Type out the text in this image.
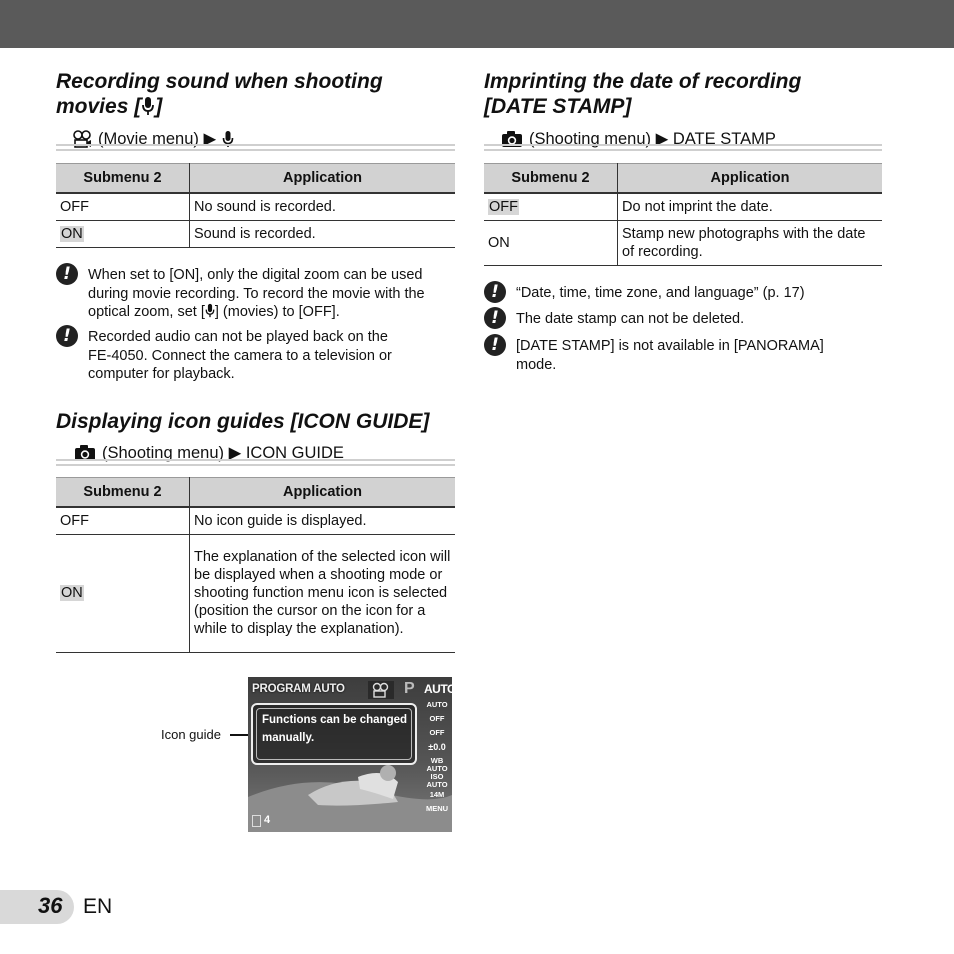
Recording sound when shooting
movies [ ]
(Movie menu) ▶
Submenu 2	Application
OFF	No sound is recorded.
ON	Sound is recorded.
!	When set to [ON], only the digital zoom can be used
during movie recording. To record the movie with the
optical zoom, set [ ] (movies) to [OFF].
!	Recorded audio can not be played back on the
FE-4050. Connect the camera to a television or
computer for playback.
Displaying icon guides [ICON GUIDE]
(Shooting menu) ▶ ICON GUIDE
Submenu 2	Application
OFF	No icon guide is displayed.
ON	The explanation of the selected icon will be displayed when a shooting mode or shooting function menu icon is selected (position the cursor on the icon for a while to display the explanation).
Icon guide
PROGRAM AUTO	P AUTO
Functions can be changed manually.
AUTO
OFF
OFF
±0.0
WB AUTO
ISO AUTO
14M
MENU
4
Imprinting the date of recording
[DATE STAMP]
(Shooting menu) ▶ DATE STAMP
Submenu 2	Application
OFF	Do not imprint the date.
ON	Stamp new photographs with the date of recording.
!	“Date, time, time zone, and language” (p. 17)
!	The date stamp can not be deleted.
!	[DATE STAMP] is not available in [PANORAMA] mode.
36 EN
